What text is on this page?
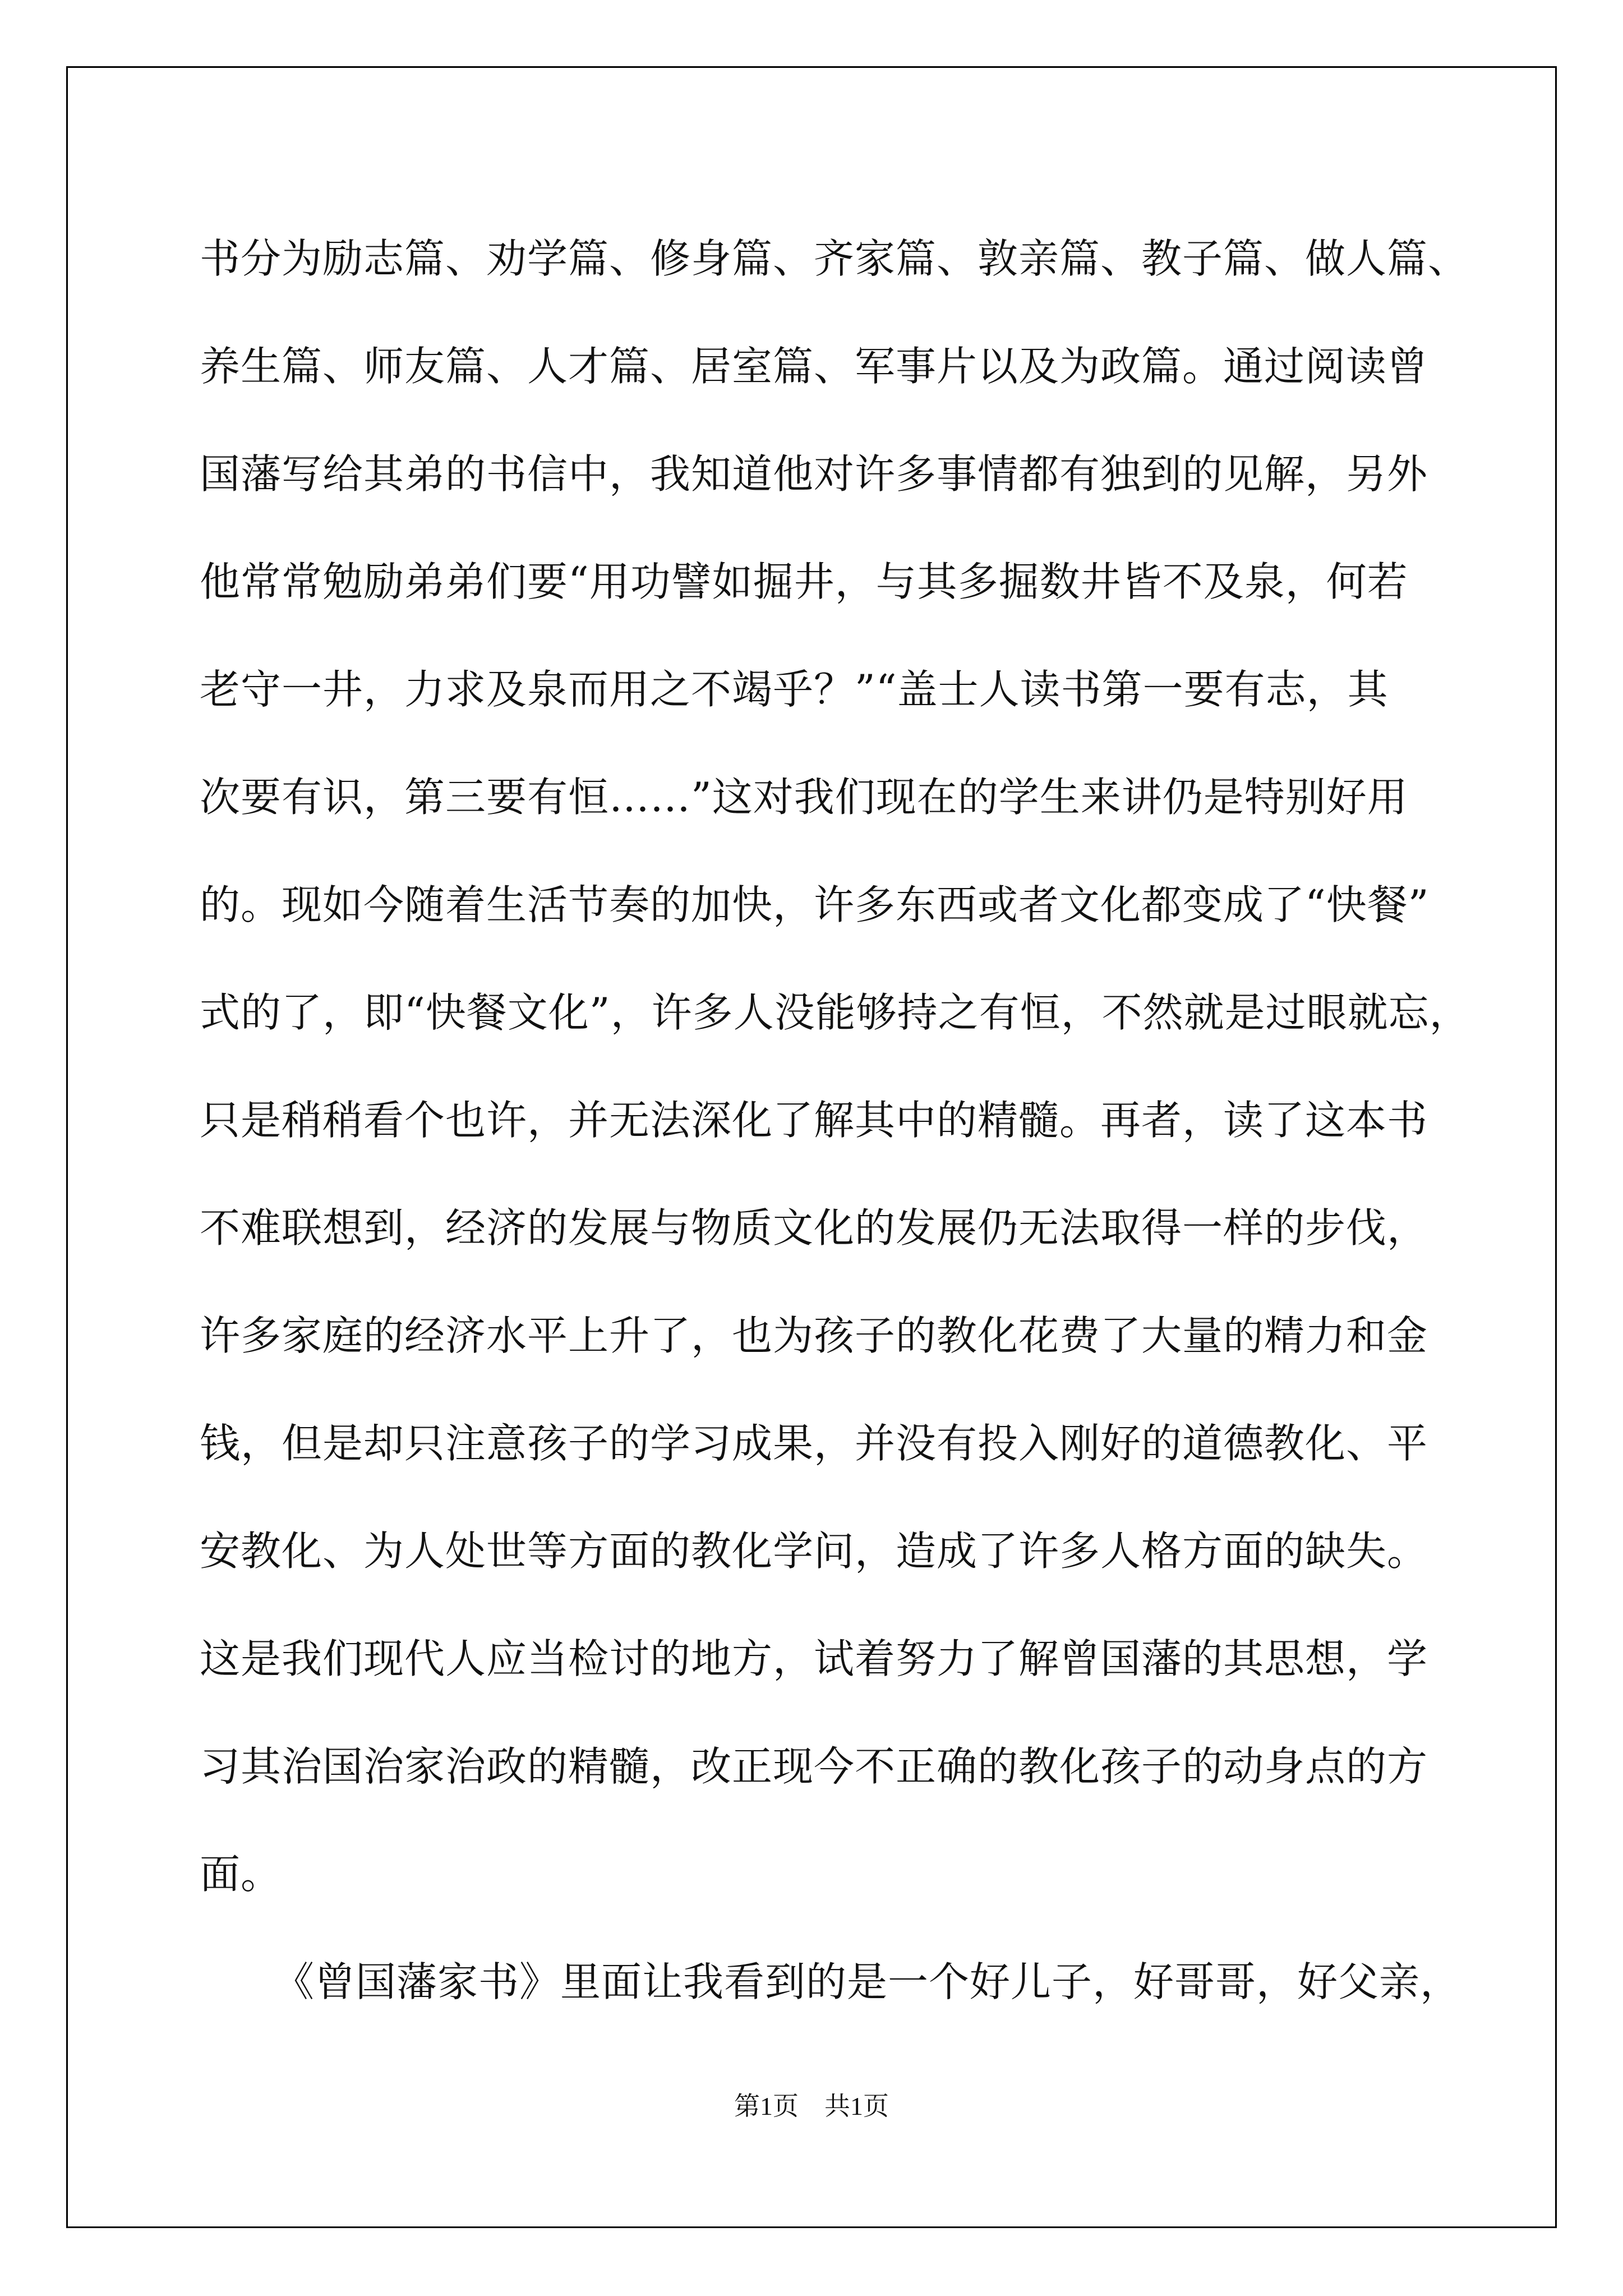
书分为励志篇、劝学篇、修身篇、齐家篇、敦亲篇、教子篇、做人篇、
养生篇、师友篇、人才篇、居室篇、军事片以及为政篇。通过阅读曾
国藩写给其弟的书信中，我知道他对许多事情都有独到的见解，另外
他常常勉励弟弟们要“用功譬如掘井，与其多掘数井皆不及泉，何若
老守一井，力求及泉而用之不竭乎？”“盖士人读书第一要有志，其
次要有识，第三要有恒……”这对我们现在的学生来讲仍是特别好用
的。现如今随着生活节奏的加快，许多东西或者文化都变成了“快餐”
式的了，即“快餐文化”，许多人没能够持之有恒，不然就是过眼就忘，
只是稍稍看个也许，并无法深化了解其中的精髓。再者，读了这本书
不难联想到，经济的发展与物质文化的发展仍无法取得一样的步伐，
许多家庭的经济水平上升了，也为孩子的教化花费了大量的精力和金
钱，但是却只注意孩子的学习成果，并没有投入刚好的道德教化、平
安教化、为人处世等方面的教化学问，造成了许多人格方面的缺失。
这是我们现代人应当检讨的地方，试着努力了解曾国藩的其思想，学
习其治国治家治政的精髓，改正现今不正确的教化孩子的动身点的方
面。
《曾国藩家书》里面让我看到的是一个好儿子，好哥哥，好父亲，
第1页　共1页
